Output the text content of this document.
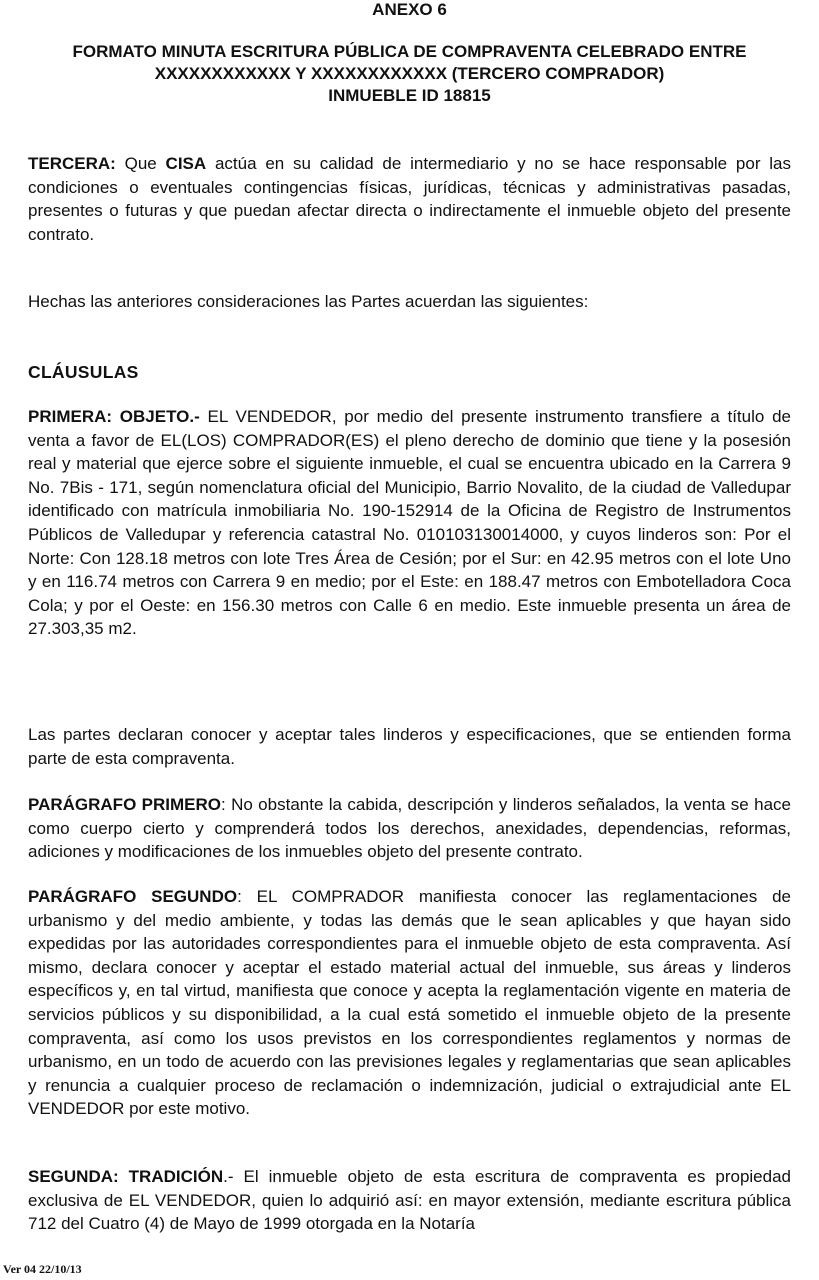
ANEXO 6
FORMATO MINUTA ESCRITURA PÚBLICA DE COMPRAVENTA CELEBRADO ENTRE
XXXXXXXXXXXX Y XXXXXXXXXXXX (TERCERO COMPRADOR)
INMUEBLE ID 18815

TERCERA: Que CISA actúa en su calidad de intermediario y no se hace responsable por las condiciones o eventuales contingencias físicas, jurídicas, técnicas y administrativas pasadas, presentes o futuras y que puedan afectar directa o indirectamente el inmueble objeto del presente contrato.

Hechas las anteriores consideraciones las Partes acuerdan las siguientes:

CLÁUSULAS

PRIMERA: OBJETO.- EL VENDEDOR, por medio del presente instrumento transfiere a título de venta a favor de EL(LOS) COMPRADOR(ES) el pleno derecho de dominio que tiene y la posesión real y material que ejerce sobre el siguiente inmueble, el cual se encuentra ubicado en la Carrera 9 No. 7Bis - 171, según nomenclatura oficial del Municipio, Barrio Novalito, de la ciudad de Valledupar identificado con matrícula inmobiliaria No. 190-152914 de la Oficina de Registro de Instrumentos Públicos de Valledupar y referencia catastral No. 010103130014000, y cuyos linderos son: Por el Norte: Con 128.18 metros con lote Tres Área de Cesión; por el Sur: en 42.95 metros con el lote Uno y en 116.74 metros con Carrera 9 en medio; por el Este: en 188.47 metros con Embotelladora Coca Cola; y por el Oeste: en 156.30 metros con Calle 6 en medio. Este inmueble presenta un área de 27.303,35 m2.

Las partes declaran conocer y aceptar tales linderos y especificaciones, que se entienden forma parte de esta compraventa.

PARÁGRAFO PRIMERO: No obstante la cabida, descripción y linderos señalados, la venta se hace como cuerpo cierto y comprenderá todos los derechos, anexidades, dependencias, reformas, adiciones y modificaciones de los inmuebles objeto del presente contrato.

PARÁGRAFO SEGUNDO: EL COMPRADOR manifiesta conocer las reglamentaciones de urbanismo y del medio ambiente, y todas las demás que le sean aplicables y que hayan sido expedidas por las autoridades correspondientes para el inmueble objeto de esta compraventa. Así mismo, declara conocer y aceptar el estado material actual del inmueble, sus áreas y linderos específicos y, en tal virtud, manifiesta que conoce y acepta la reglamentación vigente en materia de servicios públicos y su disponibilidad, a la cual está sometido el inmueble objeto de la presente compraventa, así como los usos previstos en los correspondientes reglamentos y normas de urbanismo, en un todo de acuerdo con las previsiones legales y reglamentarias que sean aplicables y renuncia a cualquier proceso de reclamación o indemnización, judicial o extrajudicial ante EL VENDEDOR por este motivo.

SEGUNDA: TRADICIÓN.- El inmueble objeto de esta escritura de compraventa es propiedad exclusiva de EL VENDEDOR, quien lo adquirió así: en mayor extensión, mediante escritura pública 712 del Cuatro (4) de Mayo de 1999 otorgada en la Notaría

Ver 04 22/10/13
